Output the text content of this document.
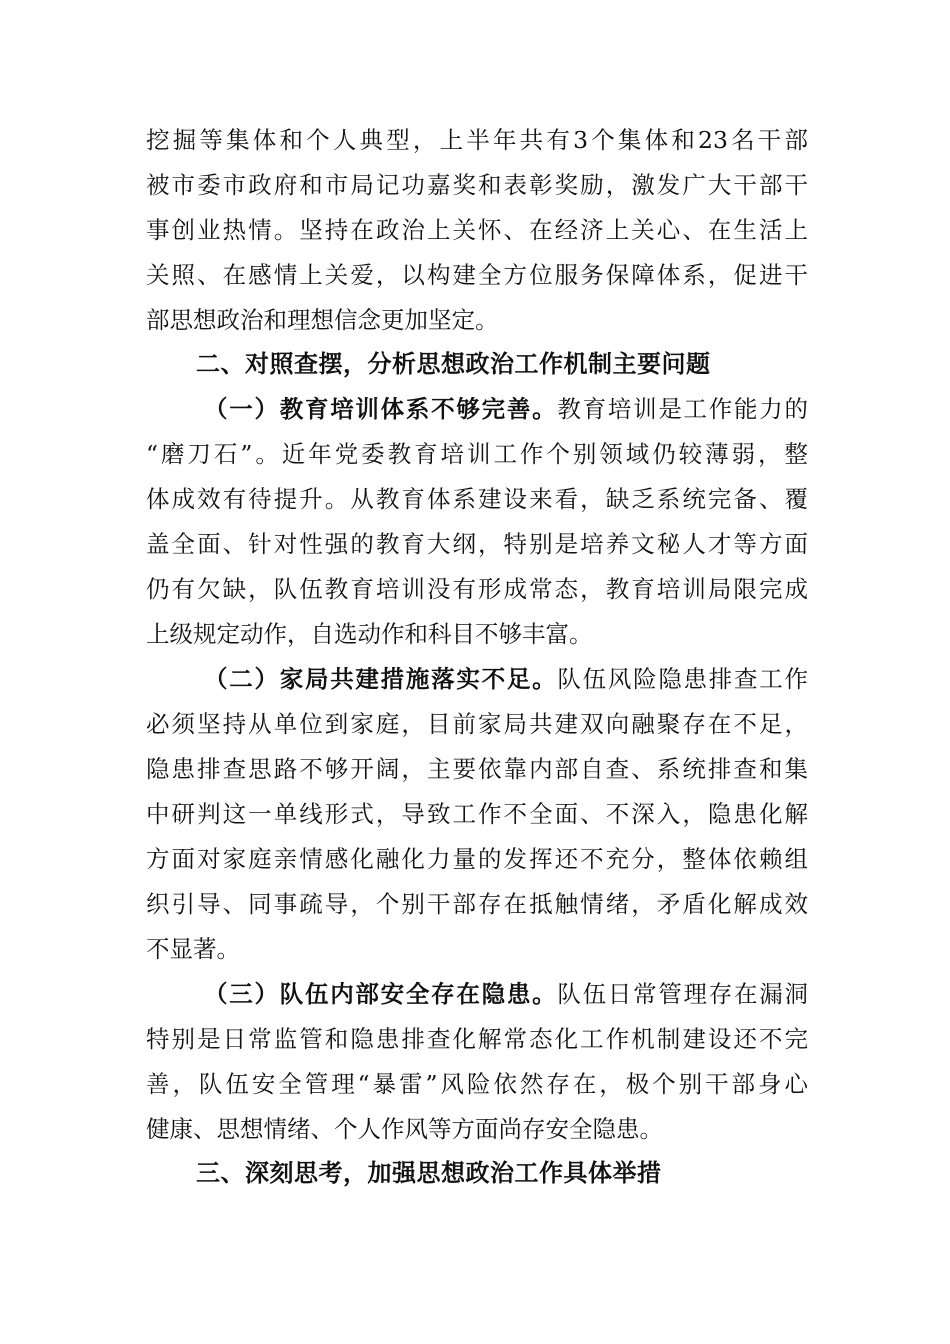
挖掘等集体和个人典型，上半年共有3个集体和23名干部
被市委市政府和市局记功嘉奖和表彰奖励，激发广大干部干
事创业热情。坚持在政治上关怀、在经济上关心、在生活上
关照、在感情上关爱，以构建全方位服务保障体系，促进干
部思想政治和理想信念更加坚定。
二、对照查摆，分析思想政治工作机制主要问题
（一）教育培训体系不够完善。教育培训是工作能力的
“磨刀石”。近年党委教育培训工作个别领域仍较薄弱，整
体成效有待提升。从教育体系建设来看，缺乏系统完备、覆
盖全面、针对性强的教育大纲，特别是培养文秘人才等方面
仍有欠缺，队伍教育培训没有形成常态，教育培训局限完成
上级规定动作，自选动作和科目不够丰富。
（二）家局共建措施落实不足。队伍风险隐患排查工作
必须坚持从单位到家庭，目前家局共建双向融聚存在不足，
隐患排查思路不够开阔，主要依靠内部自查、系统排查和集
中研判这一单线形式，导致工作不全面、不深入，隐患化解
方面对家庭亲情感化融化力量的发挥还不充分，整体依赖组
织引导、同事疏导，个别干部存在抵触情绪，矛盾化解成效
不显著。
（三）队伍内部安全存在隐患。队伍日常管理存在漏洞
特别是日常监管和隐患排查化解常态化工作机制建设还不完
善，队伍安全管理“暴雷”风险依然存在，极个别干部身心
健康、思想情绪、个人作风等方面尚存安全隐患。
三、深刻思考，加强思想政治工作具体举措
